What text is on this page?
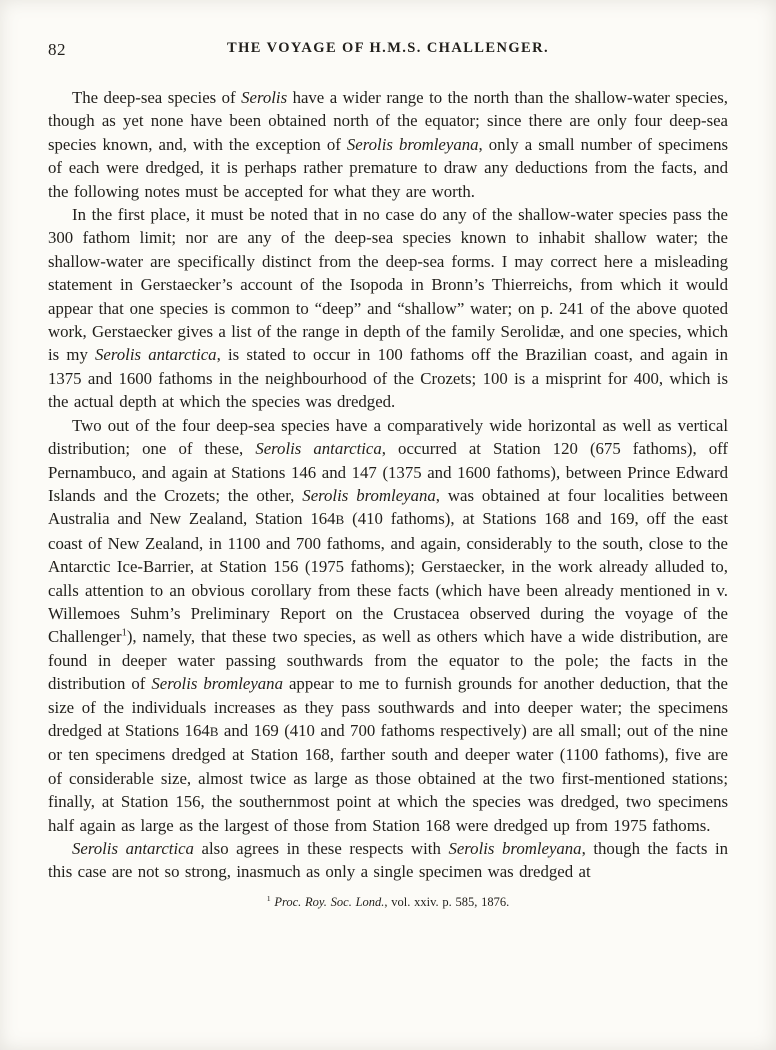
82	THE VOYAGE OF H.M.S. CHALLENGER.

The deep-sea species of Serolis have a wider range to the north than the shallow-water species, though as yet none have been obtained north of the equator; since there are only four deep-sea species known, and, with the exception of Serolis bromleyana, only a small number of specimens of each were dredged, it is perhaps rather premature to draw any deductions from the facts, and the following notes must be accepted for what they are worth.

In the first place, it must be noted that in no case do any of the shallow-water species pass the 300 fathom limit; nor are any of the deep-sea species known to inhabit shallow water; the shallow-water are specifically distinct from the deep-sea forms. I may correct here a misleading statement in Gerstaecker’s account of the Isopoda in Bronn’s Thierreichs, from which it would appear that one species is common to “deep” and “shallow” water; on p. 241 of the above quoted work, Gerstaecker gives a list of the range in depth of the family Serolidæ, and one species, which is my Serolis antarctica, is stated to occur in 100 fathoms off the Brazilian coast, and again in 1375 and 1600 fathoms in the neighbourhood of the Crozets; 100 is a misprint for 400, which is the actual depth at which the species was dredged.

Two out of the four deep-sea species have a comparatively wide horizontal as well as vertical distribution; one of these, Serolis antarctica, occurred at Station 120 (675 fathoms), off Pernambuco, and again at Stations 146 and 147 (1375 and 1600 fathoms), between Prince Edward Islands and the Crozets; the other, Serolis bromleyana, was obtained at four localities between Australia and New Zealand, Station 164B (410 fathoms), at Stations 168 and 169, off the east coast of New Zealand, in 1100 and 700 fathoms, and again, considerably to the south, close to the Antarctic Ice-Barrier, at Station 156 (1975 fathoms); Gerstaecker, in the work already alluded to, calls attention to an obvious corollary from these facts (which have been already mentioned in v. Willemoes Suhm’s Preliminary Report on the Crustacea observed during the voyage of the Challenger$^1$), namely, that these two species, as well as others which have a wide distribution, are found in deeper water passing southwards from the equator to the pole; the facts in the distribution of Serolis bromleyana appear to me to furnish grounds for another deduction, that the size of the individuals increases as they pass southwards and into deeper water; the specimens dredged at Stations 164B and 169 (410 and 700 fathoms respectively) are all small; out of the nine or ten specimens dredged at Station 168, farther south and deeper water (1100 fathoms), five are of considerable size, almost twice as large as those obtained at the two first-mentioned stations; finally, at Station 156, the southernmost point at which the species was dredged, two specimens half again as large as the largest of those from Station 168 were dredged up from 1975 fathoms.

Serolis antarctica also agrees in these respects with Serolis bromleyana, though the facts in this case are not so strong, inasmuch as only a single specimen was dredged at

$^1$ Proc. Roy. Soc. Lond., vol. xxiv. p. 585, 1876.
